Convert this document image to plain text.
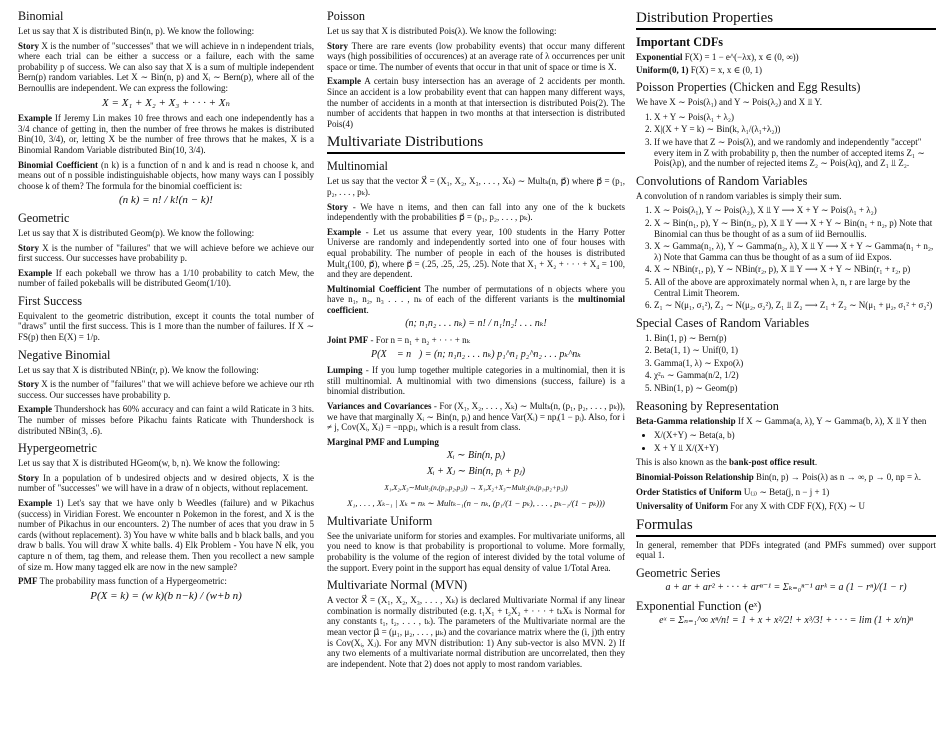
Binomial

Let us say that X is distributed Bin(n, p). We know the following:

Story X is the number of "successes" that we will achieve in n independent trials, where each trial can be either a success or a failure, each with the same probability p of success. We can also say that X is a sum of multiple independent Bern(p) random variables. Let X ∼ Bin(n, p) and Xᵢ ∼ Bern(p), where all of the Bernoullis are independent. We can express the following:

X = X₁ + X₂ + X₃ + · · · + Xₙ

Example If Jeremy Lin makes 10 free throws and each one independently has a 3/4 chance of getting in, then the number of free throws he makes is distributed Bin(10, 3/4), or, letting X be the number of free throws that he makes, X is a Binomial Random Variable distributed Bin(10, 3/4).

Binomial Coefficient (n k) is a function of n and k and is read n choose k, and means out of n possible indistinguishable objects, how many ways can I possibly choose k of them? The formula for the binomial coefficient is:

(n k) = n! / k!(n − k)!
Geometric

Let us say that X is distributed Geom(p). We know the following:

Story X is the number of "failures" that we will achieve before we achieve our first success. Our successes have probability p.

Example If each pokeball we throw has a 1/10 probability to catch Mew, the number of failed pokeballs will be distributed Geom(1/10).

First Success

Equivalent to the geometric distribution, except it counts the total number of "draws" until the first success. This is 1 more than the number of failures. If X ∼ FS(p) then E(X) = 1/p.

Negative Binomial

Let us say that X is distributed NBin(r, p). We know the following:

Story X is the number of "failures" that we will achieve before we achieve our rth success. Our successes have probability p.

Example Thundershock has 60% accuracy and can faint a wild Raticate in 3 hits. The number of misses before Pikachu faints Raticate with Thundershock is distributed NBin(3, .6).

Hypergeometric

Let us say that X is distributed HGeom(w, b, n). We know the following:

Story In a population of b undesired objects and w desired objects, X is the number of "successes" we will have in a draw of n objects, without replacement.

Example 1) Let's say that we have only b Weedles (failure) and w Pikachus (success) in Viridian Forest. We encounter n Pokemon in the forest, and X is the number of Pikachus in our encounters. 2) The number of aces that you draw in 5 cards (without replacement). 3) You have w white balls and b black balls, and you draw b balls. You will draw X white balls. 4) Elk Problem - You have N elk, you capture n of them, tag them, and release them. Then you recollect a new sample of size m. How many tagged elk are now in the new sample?

PMF The probability mass function of a Hypergeometric:

P(X = k) = (w k)(b n−k) / (w+b n)
Poisson

Let us say that X is distributed Pois(λ). We know the following:

Story There are rare events (low probability events) that occur many different ways (high possibilities of occurences) at an average rate of λ occurrences per unit space or time. The number of events that occur in that unit of space or time is X.

Example A certain busy intersection has an average of 2 accidents per month. Since an accident is a low probability event that can happen many different ways, the number of accidents in a month at that intersection is distributed Pois(2). The number of accidents that happen in two months at that intersection is distributed Pois(4)

Multivariate Distributions
Multinomial

Let us say that the vector X⃗ = (X₁, X₂, X₃, . . . , Xₖ) ∼ Multₖ(n, p⃗) where p⃗ = (p₁, p₂, . . . , pₖ).

Story - We have n items, and then can fall into any one of the k buckets independently with the probabilities p⃗ = (p₁, p₂, . . . , pₖ).

Example - Let us assume that every year, 100 students in the Harry Potter Universe are randomly and independently sorted into one of four houses with equal probability. The number of people in each of the houses is distributed Mult₄(100, p⃗), where p⃗ = (.25, .25, .25, .25). Note that X₁ + X₂ + · · · + X₄ = 100, and they are dependent.

Multinomial Coefficient The number of permutations of n objects where you have n₁, n₂, n₃ . . . , nₖ of each of the different variants is the multinomial coefficient.

(n; n₁n₂ . . . nₖ) = n! / n₁!n₂! . . . nₖ!

Joint PMF - For n = n₁ + n₂ + · · · + nₖ

P(X⃗ = n⃗) = (n; n₁n₂ . . . nₖ) p₁^n₁ p₂^n₂ . . . pₖ^nₖ

Lumping - If you lump together multiple categories in a multinomial, then it is still multinomial. A multinomial with two dimensions (success, failure) is a binomial distribution.

Variances and Covariances - For (X₁, X₂, . . . , Xₖ) ∼ Multₖ(n, (p₁, p₂, . . . , pₖ)), we have that marginally Xᵢ ∼ Bin(n, pᵢ) and hence Var(Xᵢ) = npᵢ(1 − pᵢ). Also, for i ≠ j, Cov(Xᵢ, Xⱼ) = −npᵢpⱼ, which is a result from class.

Marginal PMF and Lumping

Xᵢ ∼ Bin(n, pᵢ)
Xᵢ + Xⱼ ∼ Bin(n, pᵢ + pⱼ)
X₁,X₂,X₃∼Mult₃(n,(p₁,p₂,p₃)) → X₁,X₂+X₃∼Mult₂(n,(p₁,p₂+p₃))
X₁, . . . , Xₖ₋₁ | Xₖ = nₖ ∼ Multₖ₋₁(n − nₖ, (p₁/(1 − pₖ), . . . , pₖ₋₁/(1 − pₖ)))
Multivariate Uniform

See the univariate uniform for stories and examples. For multivariate uniforms, all you need to know is that probability is proportional to volume. More formally, probability is the volume of the region of interest divided by the total volume of the support. Every point in the support has equal density of value 1/Total Area.

Multivariate Normal (MVN)

A vector X⃗ = (X₁, X₂, X₃, . . . , Xₖ) is declared Multivariate Normal if any linear combination is normally distributed (e.g. t₁X₁ + t₂X₂ + · · · + tₖXₖ is Normal for any constants t₁, t₂, . . . , tₖ). The parameters of the Multivariate normal are the mean vector μ⃗ = (μ₁, μ₂, . . . , μₖ) and the covariance matrix where the (i, j)th entry is Cov(Xᵢ, Xⱼ). For any MVN distribution: 1) Any sub-vector is also MVN. 2) If any two elements of a multivariate normal distribution are uncorrelated, then they are independent. Note that 2) does not apply to most random variables.

Distribution Properties
Important CDFs
Exponential F(X) = 1 − e^(−λx), x ∈ (0, ∞))
Uniform(0, 1) F(X) = x, x ∈ (0, 1)
Poisson Properties (Chicken and Egg Results)

We have X ∼ Pois(λ₁) and Y ∼ Pois(λ₂) and X ⫫ Y.

1. X + Y ∼ Pois(λ₁ + λ₂)
2. X|(X + Y = k) ∼ Bin(k, λ₁/(λ₁+λ₂))
3. If we have that Z ∼ Pois(λ), and we randomly and independently "accept" every item in Z with probability p, then the number of accepted items Z₁ ∼ Pois(λp), and the number of rejected items Z₂ ∼ Pois(λq), and Z₁ ⫫ Z₂.
Convolutions of Random Variables

A convolution of n random variables is simply their sum.

1. X ∼ Pois(λ₁), Y ∼ Pois(λ₂), X ⫫ Y ⟶ X + Y ∼ Pois(λ₁ + λ₂)
2. X ∼ Bin(n₁, p), Y ∼ Bin(n₂, p), X ⫫ Y ⟶ X + Y ∼ Bin(n₁ + n₂, p) Note that Binomial can thus be thought of as a sum of iid Bernoullis.
3. X ∼ Gamma(n₁, λ), Y ∼ Gamma(n₂, λ), X ⫫ Y ⟶ X + Y ∼ Gamma(n₁ + n₂, λ) Note that Gamma can thus be thought of as a sum of iid Expos.
4. X ∼ NBin(r₁, p), Y ∼ NBin(r₂, p), X ⫫ Y ⟶ X + Y ∼ NBin(r₁ + r₂, p)
5. All of the above are approximately normal when λ, n, r are large by the Central Limit Theorem.
6. Z₁ ∼ N(μ₁, σ₁²), Z₂ ∼ N(μ₂, σ₂²), Z₁ ⫫ Z₂ ⟶ Z₁ + Z₂ ∼ N(μ₁ + μ₂, σ₁² + σ₂²)
Special Cases of Random Variables
1. Bin(1, p) ∼ Bern(p)
2. Beta(1, 1) ∼ Unif(0, 1)
3. Gamma(1, λ) ∼ Expo(λ)
4. χ²ₙ ∼ Gamma(n/2, 1/2)
5. NBin(1, p) ∼ Geom(p)
Reasoning by Representation

Beta-Gamma relationship If X ∼ Gamma(a, λ), Y ∼ Gamma(b, λ), X ⫫ Y then

• X/(X+Y) ∼ Beta(a, b)
• X + Y ⫫ X/(X+Y)

This is also known as the bank-post office result.

Binomial-Poisson Relationship Bin(n, p) → Pois(λ) as n → ∞, p → 0, np = λ.

Order Statistics of Uniform U₍ⱼ₎ ∼ Beta(j, n − j + 1)

Universality of Uniform For any X with CDF F(X), F(X) ∼ U

Formulas

In general, remember that PDFs integrated (and PMFs summed) over support equal 1.

Geometric Series
a + ar + ar² + · · · + arⁿ⁻¹ = Σₖ₌₀ⁿ⁻¹ arᵏ = a (1 − rⁿ)/(1 − r)
Exponential Function (eˣ)
eˣ = Σₙ₌₁^∞ xⁿ/n! = 1 + x + x²/2! + x³/3! + · · · = lim (1 + x/n)ⁿ
